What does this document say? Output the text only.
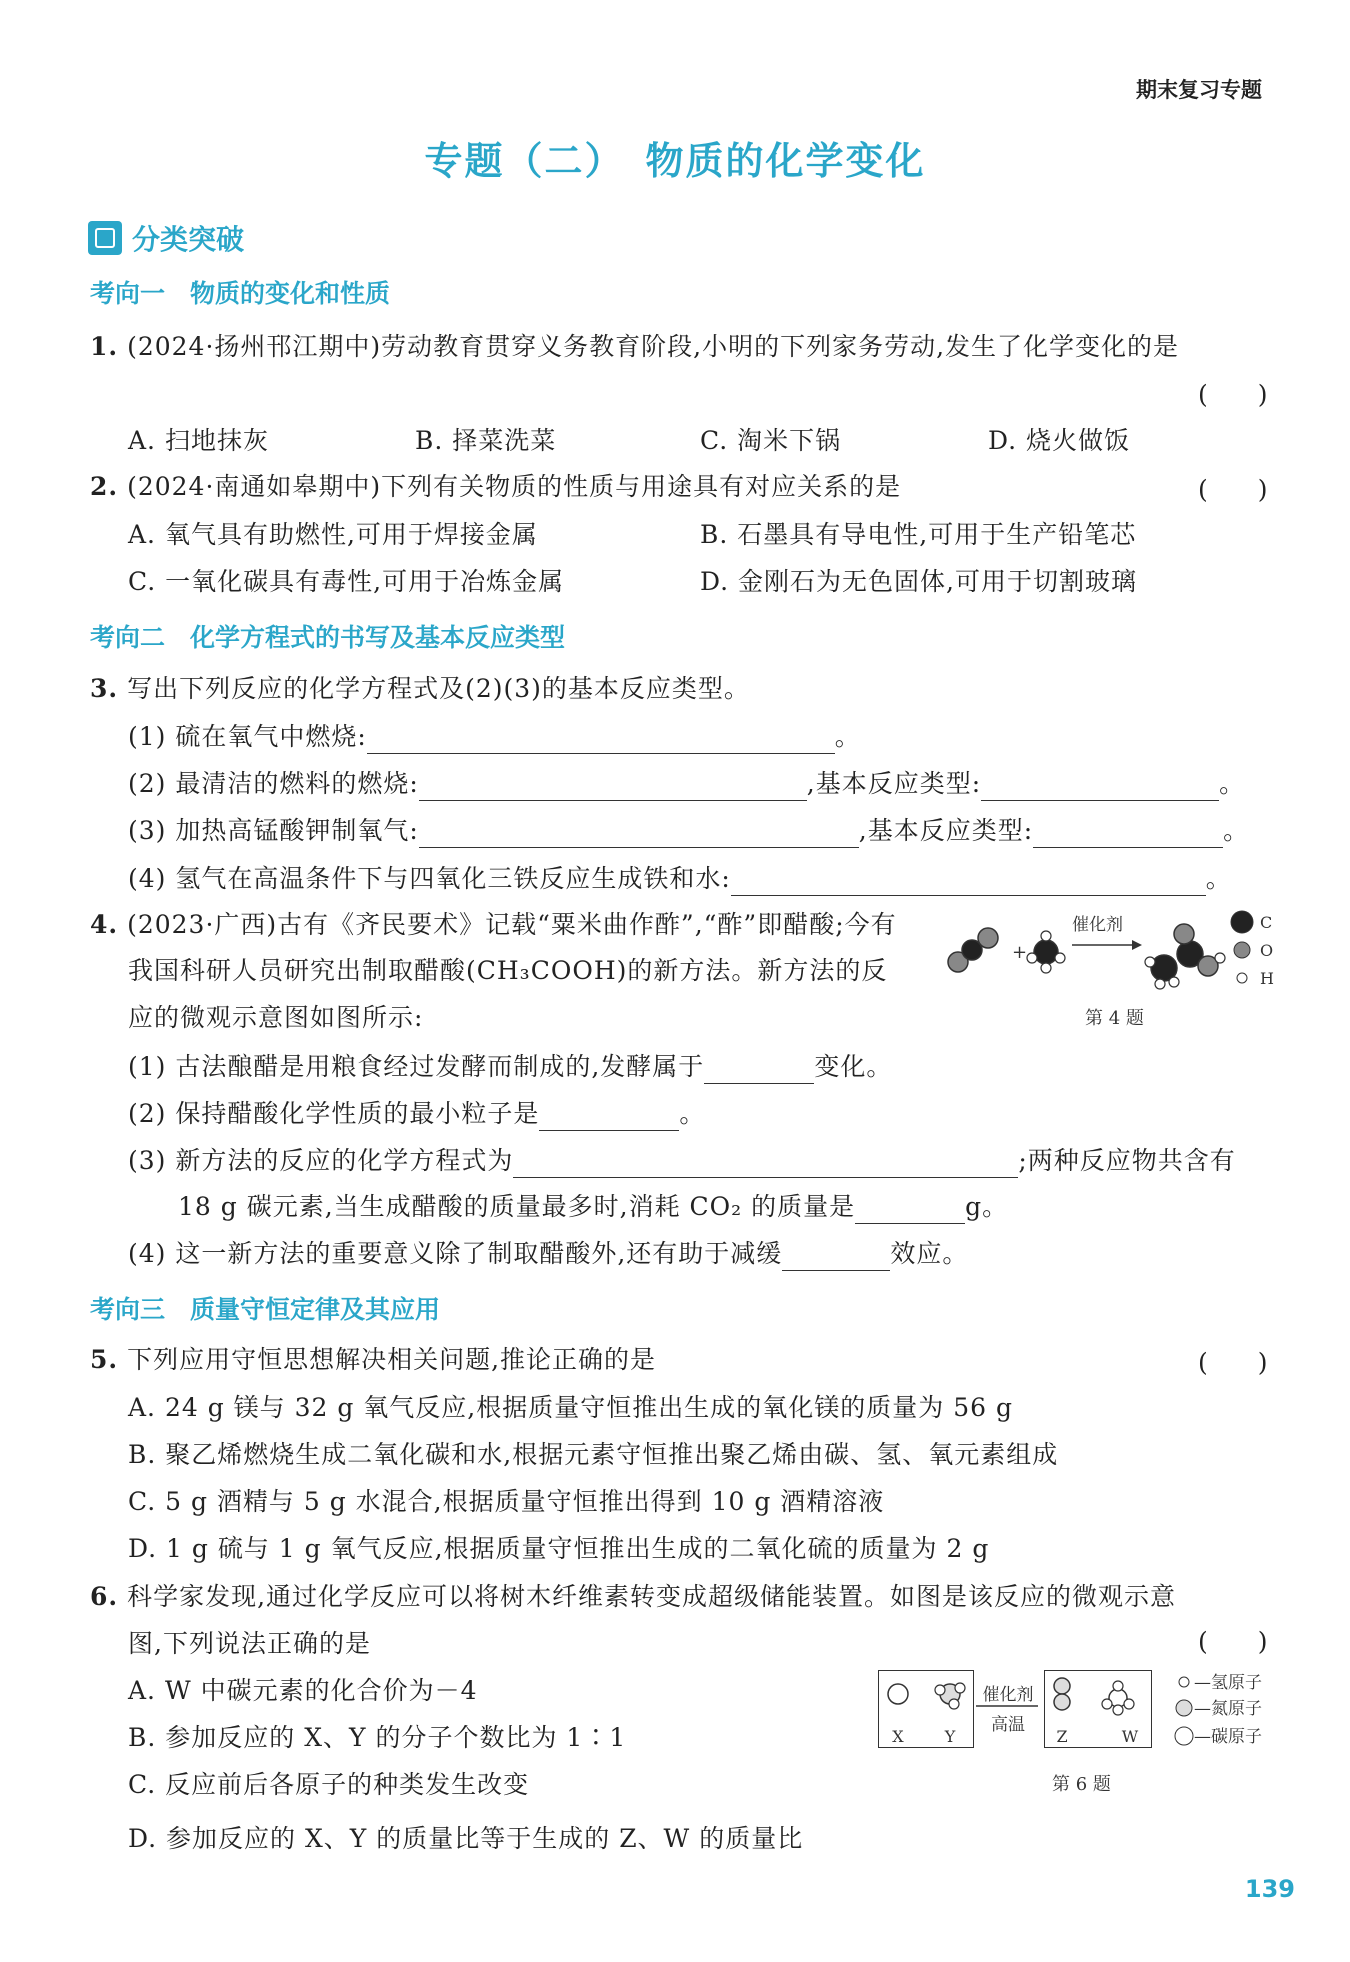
期末复习专题
专题（二）　物质的化学变化
分类突破
考向一　物质的变化和性质
1. (2024·扬州邗江期中)劳动教育贯穿义务教育阶段,小明的下列家务劳动,发生了化学变化的是
(　　)
A. 扫地抹灰	B. 择菜洗菜	C. 淘米下锅	D. 烧火做饭
2. (2024·南通如皋期中)下列有关物质的性质与用途具有对应关系的是	(　　)
A. 氧气具有助燃性,可用于焊接金属	B. 石墨具有导电性,可用于生产铅笔芯
C. 一氧化碳具有毒性,可用于冶炼金属	D. 金刚石为无色固体,可用于切割玻璃
考向二　化学方程式的书写及基本反应类型
3. 写出下列反应的化学方程式及(2)(3)的基本反应类型。
(1) 硫在氧气中燃烧:	。
(2) 最清洁的燃料的燃烧:	,基本反应类型:	。
(3) 加热高锰酸钾制氧气:	,基本反应类型:	。
(4) 氢气在高温条件下与四氧化三铁反应生成铁和水:	。
4. (2023·广西)古有《齐民要术》记载“粟米曲作酢”,“酢”即醋酸;今有
我国科研人员研究出制取醋酸(CH₃COOH)的新方法。新方法的反
应的微观示意图如图所示:
+
催化剂	C
O
H
第 4 题
(1) 古法酿醋是用粮食经过发酵而制成的,发酵属于	变化。
(2) 保持醋酸化学性质的最小粒子是	。
(3) 新方法的反应的化学方程式为	;两种反应物共含有
18 g 碳元素,当生成醋酸的质量最多时,消耗 CO₂ 的质量是	g。
(4) 这一新方法的重要意义除了制取醋酸外,还有助于减缓	效应。
考向三　质量守恒定律及其应用
5. 下列应用守恒思想解决相关问题,推论正确的是	(　　)
A. 24 g 镁与 32 g 氧气反应,根据质量守恒推出生成的氧化镁的质量为 56 g
B. 聚乙烯燃烧生成二氧化碳和水,根据元素守恒推出聚乙烯由碳、氢、氧元素组成
C. 5 g 酒精与 5 g 水混合,根据质量守恒推出得到 10 g 酒精溶液
D. 1 g 硫与 1 g 氧气反应,根据质量守恒推出生成的二氧化硫的质量为 2 g
6. 科学家发现,通过化学反应可以将树木纤维素转变成超级储能装置。如图是该反应的微观示意
图,下列说法正确的是	(　　)
A. W 中碳元素的化合价为－4
B. 参加反应的 X、Y 的分子个数比为 1∶1
C. 反应前后各原子的种类发生改变
D. 参加反应的 X、Y 的质量比等于生成的 Z、W 的质量比
X	Y
催化剂
高温
Z	W
—氢原子
—氮原子
—碳原子
第 6 题
139
